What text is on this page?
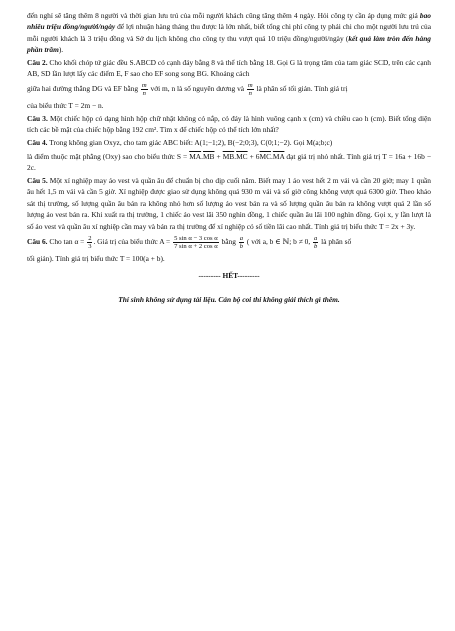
đến nghỉ sẽ tăng thêm 8 người và thời gian lưu trú của mỗi người khách cũng tăng thêm 4 ngày. Hỏi công ty cần áp dụng mức giá bao nhiêu triệu đồng/người/ngày để lợi nhuận hàng tháng thu được là lớn nhất, biết tổng chi phí công ty phải chi cho một người lưu trú của mỗi người khách là 3 triệu đồng và Sở du lịch không cho công ty thu vượt quá 10 triệu đồng/người/ngày (kết quả làm tròn đến hàng phần trăm).

Câu 2. Cho khối chóp tứ giác đều S.ABCD có cạnh đáy bằng 8 và thể tích bằng 18. Gọi G là trọng tâm của tam giác SCD, trên các cạnh AB, SD lần lượt lấy các điểm E, F sao cho EF song song BG. Khoảng cách

giữa hai đường thẳng DG và EF bằng $\frac{m}{n}$ với m, n là số nguyên dương và $\frac{m}{n}$ là phân số tối giản. Tính giá trị

của biểu thức T = 2m − n.

Câu 3. Một chiếc hộp có dạng hình hộp chữ nhật không có nắp, có đáy là hình vuông cạnh x (cm) và chiều cao h (cm). Biết tổng diện tích các bề mặt của chiếc hộp bằng 192 cm². Tìm x để chiếc hộp có thể tích lớn nhất?

Câu 4. Trong không gian Oxyz, cho tam giác ABC biết: A(1;−1;2), B(−2;0;3), C(0;1;−2). Gọi M(a;b;c)

là điểm thuộc mặt phẳng (Oxy) sao cho biểu thức $S = \overline{MA}.\overline{MB} + \overline{MB}.\overline{MC} + 6\overline{MC}.\overline{MA}$ đạt giá trị nhỏ nhất. Tính giá trị T = 16a + 16b − 2c.

Câu 5. Một xí nghiệp may áo vest và quần âu để chuẩn bị cho dịp cuối năm. Biết may 1 áo vest hết 2 m vải và cần 20 giờ; may 1 quần âu hết 1,5 m vải và cần 5 giờ. Xí nghiệp được giao sử dụng không quá 930 m vải và số giờ công không vượt quá 6300 giờ. Theo khảo sát thị trường, số lượng quần âu bán ra không nhỏ hơn số lượng áo vest bán ra và số lượng quần âu bán ra không vượt quá 2 lần số lượng áo vest bán ra. Khi xuất ra thị trường, 1 chiếc áo vest lãi 350 nghìn đồng, 1 chiếc quần âu lãi 100 nghìn đồng. Gọi x, y lần lượt là số áo vest và quần âu xí nghiệp cần may và bán ra thị trường để xí nghiệp có số tiền lãi cao nhất. Tính giá trị biểu thức T = 2x + 3y.

Câu 6. Cho $\tan \alpha = \frac{2}{3}$ . Giá trị của biểu thức $A = \frac{\text{5 sin α − 3 cos α}}{\text{7 sin α + 2 cos α}}$ bằng $\frac{a}{b}$ ( với a, b ∈ ℕ; b ≠ 0, $\frac{a}{b}$ là phân số

tối giản). Tính giá trị biểu thức T = 100(a + b).

--------- HẾT---------

Thí sinh không sử dụng tài liệu. Cán bộ coi thi không giải thích gì thêm.
